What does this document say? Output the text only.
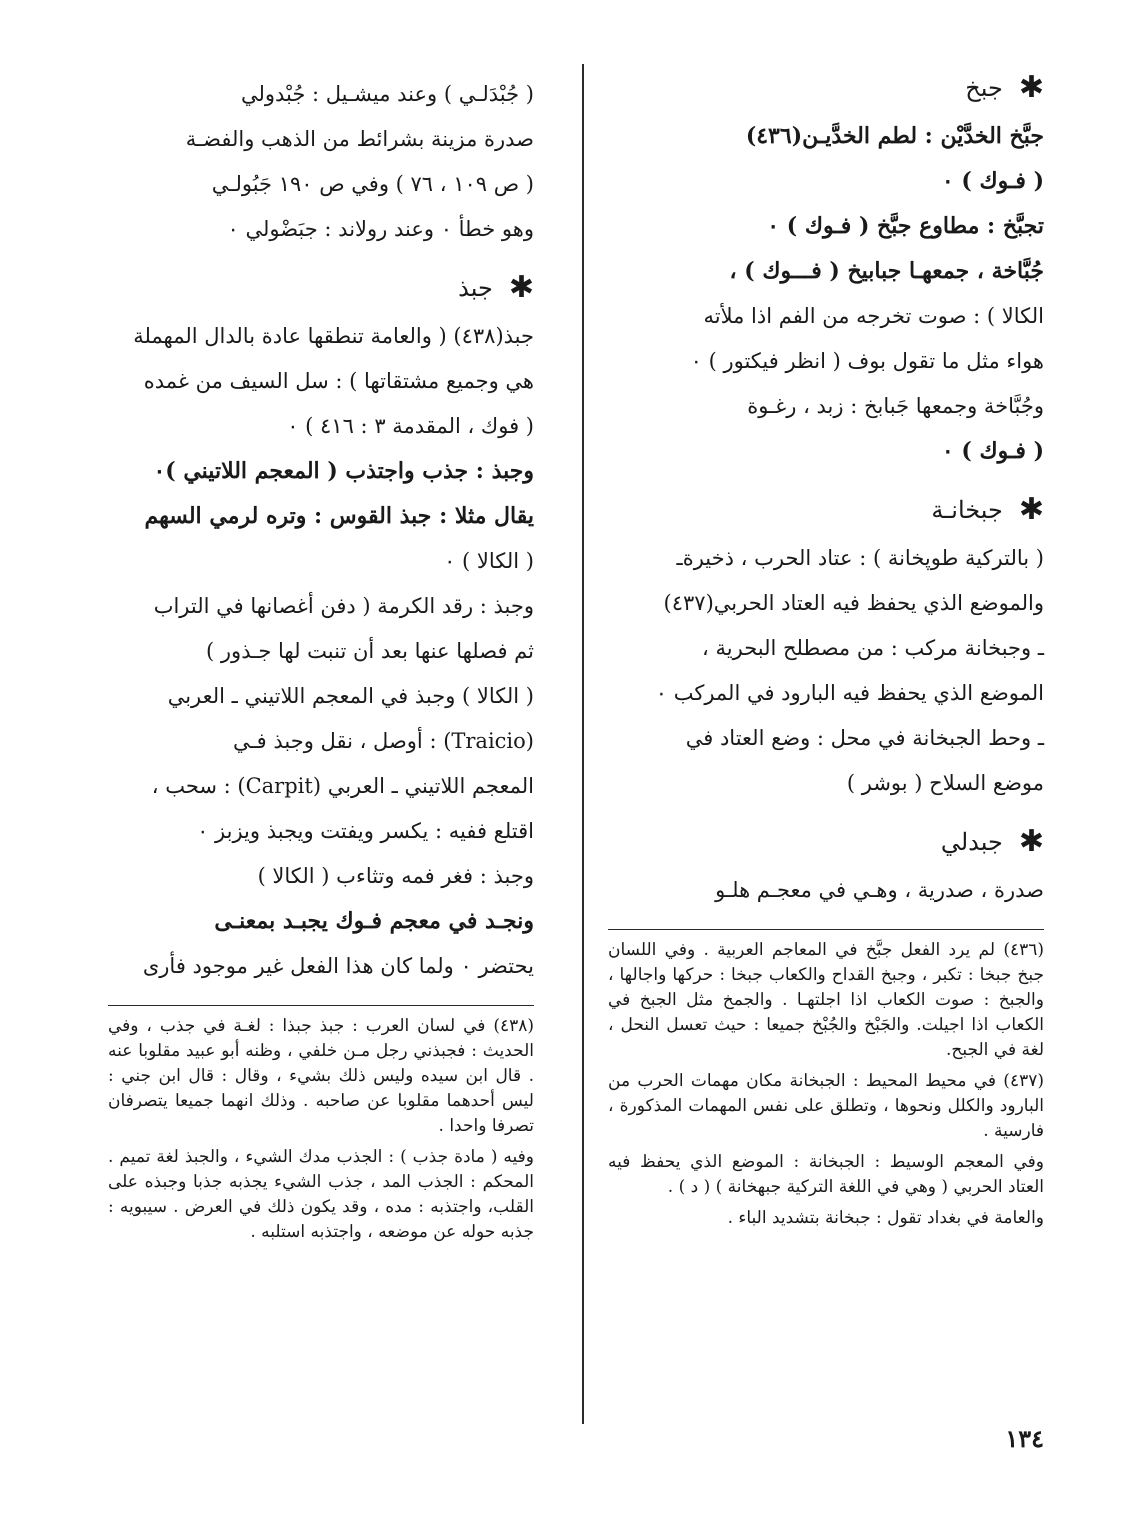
✱
جبخ

جبَّخ الخدَّيْن : لطم الخدَّيـن(٤٣٦)

( فـوك ) ٠

تجبَّخ : مطاوع جبَّخ ( فـوك ) ٠

جُبَّاخة ، جمعهـا جبابيخ ( فـــوك ) ،

الكالا ) : صوت تخرجه من الفم اذا ملأته

هواء مثل ما تقول بوف ( انظر فيكتور ) ٠

وجُبَّاخة وجمعها جَبابخ : زبد ، رغـوة

( فـوك ) ٠

✱
جبخانـة

( بالتركية طوپخانة ) : عتاد الحرب ، ذخيرةـ

والموضع الذي يحفظ فيه العتاد الحربي(٤٣٧)

ـ وجبخانة مركب : من مصطلح البحرية ،

الموضع الذي يحفظ فيه البارود في المركب ٠

ـ وحط الجبخانة في محل : وضع العتاد في

موضع السلاح ( بوشر )

✱
جبدلي

صدرة ، صدرية ، وهـي في معجـم هلـو

(٤٣٦) لم يرد الفعل جبَّخ في المعاجم العربية . وفي اللسان جبخ جبخا : تكبر ، وجبخ القداح والكعاب جبخا : حركها واجالها ، والجبخ : صوت الكعاب اذا اجلتهـا . والجمخ مثل الجبخ في الكعاب اذا اجيلت. والجَبْخ والجُبْخ جميعا : حيث تعسل النحل ، لغة في الجبح.

(٤٣٧) في محيط المحيط : الجبخانة مكان مهمات الحرب من البارود والكلل ونحوها ، وتطلق على نفس المهمات المذكورة ، فارسية .

وفي المعجم الوسيط : الجبخانة : الموضع الذي يحفظ فيه العتاد الحربي ( وهي في اللغة التركية جبهخانة ) ( د ) .

والعامة في بغداد تقول : جبخانة بتشديد الباء .

( جُبْدَلـي ) وعند ميشـيل : جُبْدولي

صدرة مزينة بشرائط من الذهب والفضـة

( ص ١٠٩ ، ٧٦ ) وفي ص ١٩٠ جَبُولـي

وهو خطأ ٠ وعند رولاند : جبَضْولي ٠

✱
جبذ

جبذ(٤٣٨) ( والعامة تنطقها عادة بالدال المهملة

هي وجميع مشتقاتها ) : سل السيف من غمده

( فوك ، المقدمة ٣ : ٤١٦ ) ٠

وجبذ : جذب واجتذب ( المعجم اللاتيني )٠

يقال مثلا : جبذ القوس : وتره لرمي السهم

( الكالا ) ٠

وجبذ : رقد الكرمة ( دفن أغصانها في التراب

ثم فصلها عنها بعد أن تنبت لها جـذور )

( الكالا ) وجبذ في المعجم اللاتيني ـ العربي

(Traicio) : أوصل ، نقل وجبذ فـي

المعجم اللاتيني ـ العربي (Carpit) : سحب ،

اقتلع ففيه : يكسر ويفتت ويجبذ ويزبز ٠

وجبذ : فغر فمه وتثاءب ( الكالا )

ونجـد في معجم فـوك يجبـد بمعنـى

يحتضر ٠ ولما كان هذا الفعل غير موجود فأرى

(٤٣٨) في لسان العرب : جبذ جبذا : لغـة في جذب ، وفي الحديث : فجبذني رجل مـن خلفي ، وظنه أبو عبيد مقلوبا عنه . قال ابن سيده وليس ذلك بشيء ، وقال : قال ابن جني : ليس أحدهما مقلوبا عن صاحبه . وذلك انهما جميعا يتصرفان تصرفا واحدا .

وفيه ( مادة جذب ) : الجذب مدك الشيء ، والجبذ لغة تميم . المحكم : الجذب المد ، جذب الشيء يجذبه جذبا وجبذه على القلب، واجتذبه : مده ، وقد يكون ذلك في العرض . سيبويه : جذبه حوله عن موضعه ، واجتذبه استلبه .

١٣٤
